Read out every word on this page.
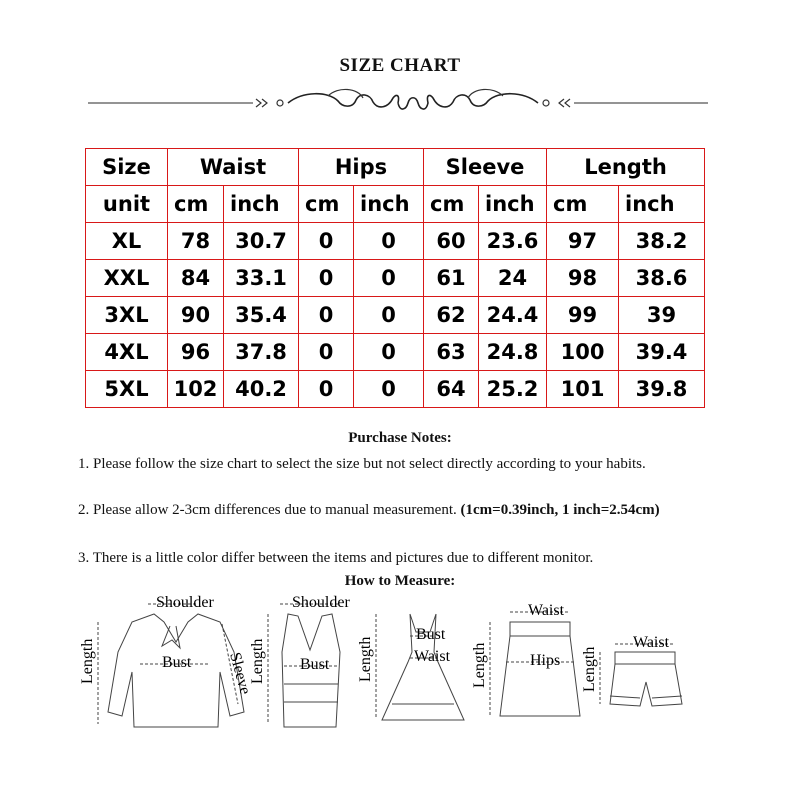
SIZE CHART
Size	Waist		Hips		Sleeve		Length	
unit	cm	inch	cm	inch	cm	inch	cm	inch
XL	78	30.7	0	0	60	23.6	97	38.2
XXL	84	33.1	0	0	61	24	98	38.6
3XL	90	35.4	0	0	62	24.4	99	39
4XL	96	37.8	0	0	63	24.8	100	39.4
5XL	102	40.2	0	0	64	25.2	101	39.8
Purchase Notes:
1. Please follow the size chart to select the size but not select directly according to your habits.
2. Please allow 2-3cm differences due to manual measurement. (1cm=0.39inch, 1 inch=2.54cm)
3. There is a little color differ between the items and pictures due to different monitor.
How to Measure:
Shoulder
Bust
Length	Sleeve
Shoulder
Bust
Length
Bust
Waist
Length
Waist
Hips
Length
Waist
Length
